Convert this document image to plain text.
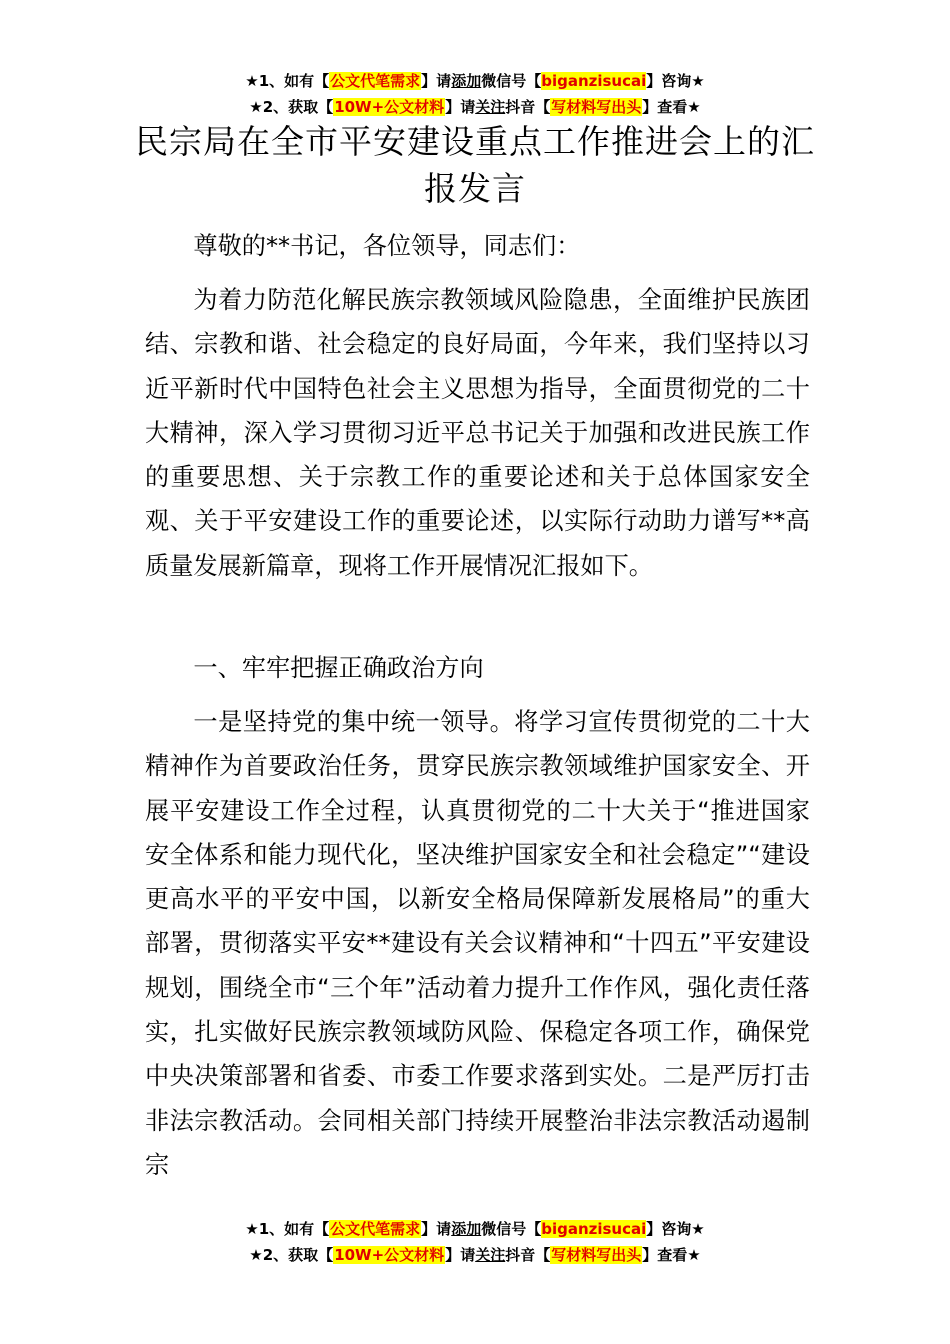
★1、如有【公文代笔需求】请添加微信号【biganzisucai】咨询★
★2、获取【10W+公文材料】请关注抖音【写材料写出头】查看★
民宗局在全市平安建设重点工作推进会上的汇报发言

尊敬的**书记，各位领导，同志们：

为着力防范化解民族宗教领域风险隐患，全面维护民族团结、宗教和谐、社会稳定的良好局面，今年来，我们坚持以习近平新时代中国特色社会主义思想为指导，全面贯彻党的二十大精神，深入学习贯彻习近平总书记关于加强和改进民族工作的重要思想、关于宗教工作的重要论述和关于总体国家安全观、关于平安建设工作的重要论述，以实际行动助力谱写**高质量发展新篇章，现将工作开展情况汇报如下。

一、牢牢把握正确政治方向

一是坚持党的集中统一领导。将学习宣传贯彻党的二十大精神作为首要政治任务，贯穿民族宗教领域维护国家安全、开展平安建设工作全过程，认真贯彻党的二十大关于“推进国家安全体系和能力现代化，坚决维护国家安全和社会稳定”“建设更高水平的平安中国，以新安全格局保障新发展格局”的重大部署，贯彻落实平安**建设有关会议精神和“十四五”平安建设规划，围绕全市“三个年”活动着力提升工作作风，强化责任落实，扎实做好民族宗教领域防风险、保稳定各项工作，确保党中央决策部署和省委、市委工作要求落到实处。二是严厉打击非法宗教活动。会同相关部门持续开展整治非法宗教活动遏制宗

★1、如有【公文代笔需求】请添加微信号【biganzisucai】咨询★
★2、获取【10W+公文材料】请关注抖音【写材料写出头】查看★
